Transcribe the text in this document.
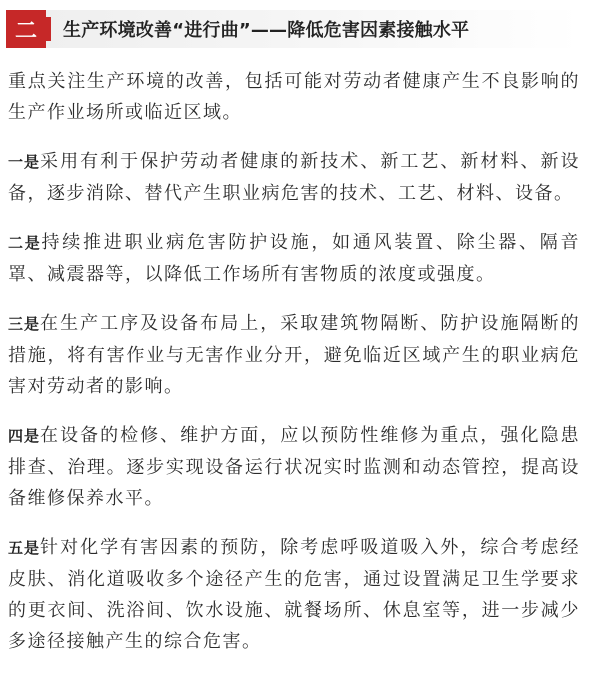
二	生产环境改善“进行曲”——降低危害因素接触水平

重点关注生产环境的改善，包括可能对劳动者健康产生不良影响的生产作业场所或临近区域。

一是采用有利于保护劳动者健康的新技术、新工艺、新材料、新设备，逐步消除、替代产生职业病危害的技术、工艺、材料、设备。

二是持续推进职业病危害防护设施，如通风装置、除尘器、隔音罩、减震器等，以降低工作场所有害物质的浓度或强度。

三是在生产工序及设备布局上，采取建筑物隔断、防护设施隔断的措施，将有害作业与无害作业分开，避免临近区域产生的职业病危害对劳动者的影响。

四是在设备的检修、维护方面，应以预防性维修为重点，强化隐患排查、治理。逐步实现设备运行状况实时监测和动态管控，提高设备维修保养水平。

五是针对化学有害因素的预防，除考虑呼吸道吸入外，综合考虑经皮肤、消化道吸收多个途径产生的危害，通过设置满足卫生学要求的更衣间、洗浴间、饮水设施、就餐场所、休息室等，进一步减少多途径接触产生的综合危害。
